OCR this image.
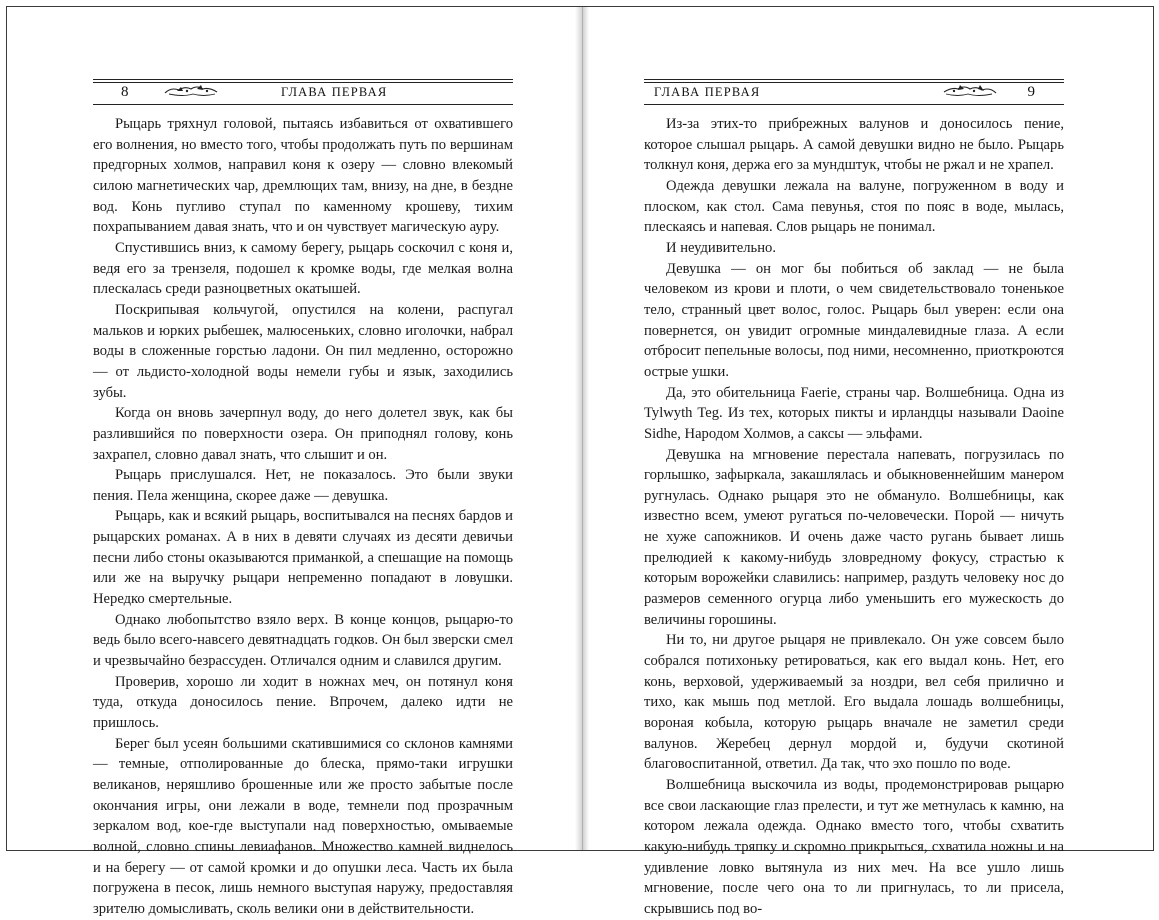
8	ГЛАВА ПЕРВАЯ

Рыцарь тряхнул головой, пытаясь избавиться от охватившего его волнения, но вместо того, чтобы продолжать путь по вершинам предгорных холмов, направил коня к озеру — словно влекомый силою магнетических чар, дремлющих там, внизу, на дне, в бездне вод. Конь пугливо ступал по каменному крошеву, тихим похрапыванием давая знать, что и он чувствует магическую ауру.

Спустившись вниз, к самому берегу, рыцарь соскочил с коня и, ведя его за трензеля, подошел к кромке воды, где мелкая волна плескалась среди разноцветных окатышей.

Поскрипывая кольчугой, опустился на колени, распугал мальков и юрких рыбешек, малюсеньких, словно иголочки, набрал воды в сложенные горстью ладони. Он пил медленно, осторожно — от льдисто-холодной воды немели губы и язык, заходились зубы.

Когда он вновь зачерпнул воду, до него долетел звук, как бы разлившийся по поверхности озера. Он приподнял голову, конь захрапел, словно давал знать, что слышит и он.

Рыцарь прислушался. Нет, не показалось. Это были звуки пения. Пела женщина, скорее даже — девушка.

Рыцарь, как и всякий рыцарь, воспитывался на песнях бардов и рыцарских романах. А в них в девяти случаях из десяти девичьи песни либо стоны оказываются приманкой, а спешащие на помощь или же на выручку рыцари непременно попадают в ловушки. Нередко смертельные.

Однако любопытство взяло верх. В конце концов, рыцарю-то ведь было всего-навсего девятнадцать годков. Он был зверски смел и чрезвычайно безрассуден. Отличался одним и славился другим.

Проверив, хорошо ли ходит в ножнах меч, он потянул коня туда, откуда доносилось пение. Впрочем, далеко идти не пришлось.

Берег был усеян большими скатившимися со склонов камнями — темные, отполированные до блеска, прямо-таки игрушки великанов, неряшливо брошенные или же просто забытые после окончания игры, они лежали в воде, темнели под прозрачным зеркалом вод, кое-где выступали над поверхностью, омываемые волной, словно спины левиафанов. Множество камней виднелось и на берегу — от самой кромки и до опушки леса. Часть их была погружена в песок, лишь немного выступая наружу, предоставляя зрителю домысливать, сколь велики они в действительности.

ГЛАВА ПЕРВАЯ	9

Из-за этих-то прибрежных валунов и доносилось пение, которое слышал рыцарь. А самой девушки видно не было. Рыцарь толкнул коня, держа его за мундштук, чтобы не ржал и не храпел.

Одежда девушки лежала на валуне, погруженном в воду и плоском, как стол. Сама певунья, стоя по пояс в воде, мылась, плескаясь и напевая. Слов рыцарь не понимал.

И неудивительно.

Девушка — он мог бы побиться об заклад — не была человеком из крови и плоти, о чем свидетельствовало тоненькое тело, странный цвет волос, голос. Рыцарь был уверен: если она повернется, он увидит огромные миндалевидные глаза. А если отбросит пепельные волосы, под ними, несомненно, приоткроются острые ушки.

Да, это обительница Faerie, страны чар. Волшебница. Одна из Tylwyth Teg. Из тех, которых пикты и ирландцы называли Daoine Sidhe, Народом Холмов, а саксы — эльфами.

Девушка на мгновение перестала напевать, погрузилась по горлышко, зафыркала, закашлялась и обыкновеннейшим манером ругнулась. Однако рыцаря это не обмануло. Волшебницы, как известно всем, умеют ругаться по-человечески. Порой — ничуть не хуже сапожников. И очень даже часто ругань бывает лишь прелюдией к какому-нибудь зловредному фокусу, страстью к которым ворожейки славились: например, раздуть человеку нос до размеров семенного огурца либо уменьшить его мужескость до величины горошины.

Ни то, ни другое рыцаря не привлекало. Он уже совсем было собрался потихоньку ретироваться, как его выдал конь. Нет, его конь, верховой, удерживаемый за ноздри, вел себя прилично и тихо, как мышь под метлой. Его выдала лошадь волшебницы, вороная кобыла, которую рыцарь вначале не заметил среди валунов. Жеребец дернул мордой и, будучи скотиной благовоспитанной, ответил. Да так, что эхо пошло по воде.

Волшебница выскочила из воды, продемонстрировав рыцарю все свои ласкающие глаз прелести, и тут же метнулась к камню, на котором лежала одежда. Однако вместо того, чтобы схватить какую-нибудь тряпку и скромно прикрыться, схватила ножны и на удивление ловко вытянула из них меч. На все ушло лишь мгновение, после чего она то ли пригнулась, то ли присела, скрывшись под во-
